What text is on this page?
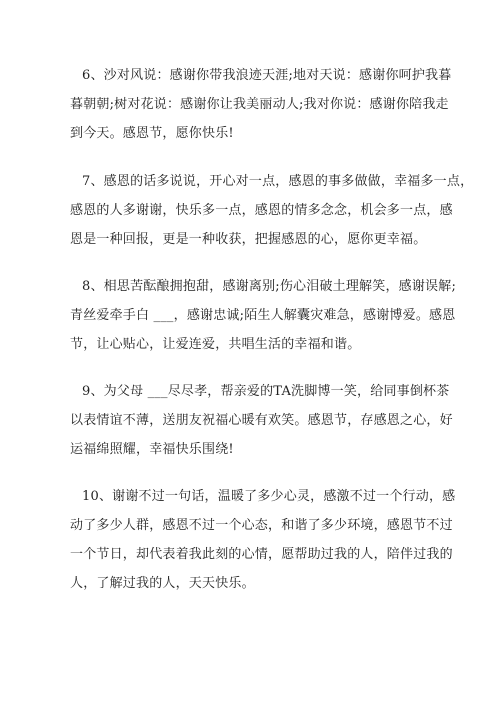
6、沙对风说：感谢你带我浪迹天涯;地对天说：感谢你呵护我暮
暮朝朝;树对花说：感谢你让我美丽动人;我对你说：感谢你陪我走
到今天。感恩节，愿你快乐!

7、感恩的话多说说，开心对一点，感恩的事多做做，幸福多一点，
感恩的人多谢谢，快乐多一点，感恩的情多念念，机会多一点，感
恩是一种回报，更是一种收获，把握感恩的心，愿你更幸福。

8、相思苦酝酿拥抱甜，感谢离别;伤心泪破土理解笑，感谢误解;
青丝爱牵手白 ___，感谢忠诚;陌生人解囊灾难急，感谢博爱。感恩
节，让心贴心，让爱连爱，共唱生活的幸福和谐。

9、为父母 ___尽尽孝，帮亲爱的TA洗脚博一笑，给同事倒杯茶
以表情谊不薄，送朋友祝福心暖有欢笑。感恩节，存感恩之心，好
运福绵照耀，幸福快乐围绕!

10、谢谢不过一句话，温暖了多少心灵，感激不过一个行动，感
动了多少人群，感恩不过一个心态，和谐了多少环境，感恩节不过
一个节日，却代表着我此刻的心情，愿帮助过我的人，陪伴过我的
人，了解过我的人，天天快乐。
